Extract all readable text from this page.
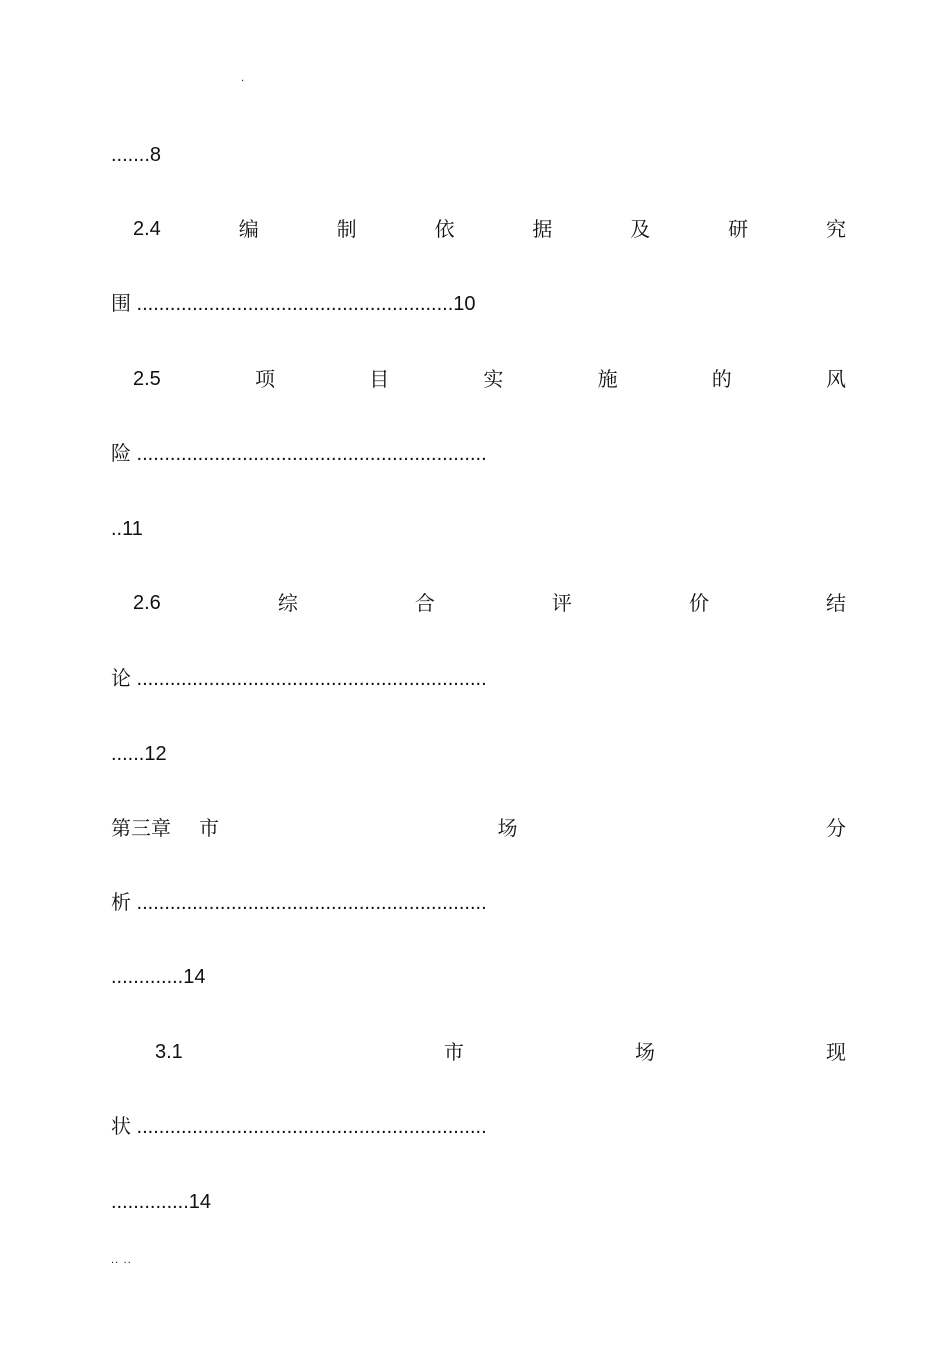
.
.......8
2.4	编	制	依	据	及	研	究
围 .........................................................10
2.5	项	目	实	施	的	风
险 ...............................................................
..11
2.6	综	合	评	价	结
论 ...............................................................
......12
第三章 市	场	分
析 ...............................................................
.............14
3.1	市	场	现
状 ...............................................................
..............14
.. ..
